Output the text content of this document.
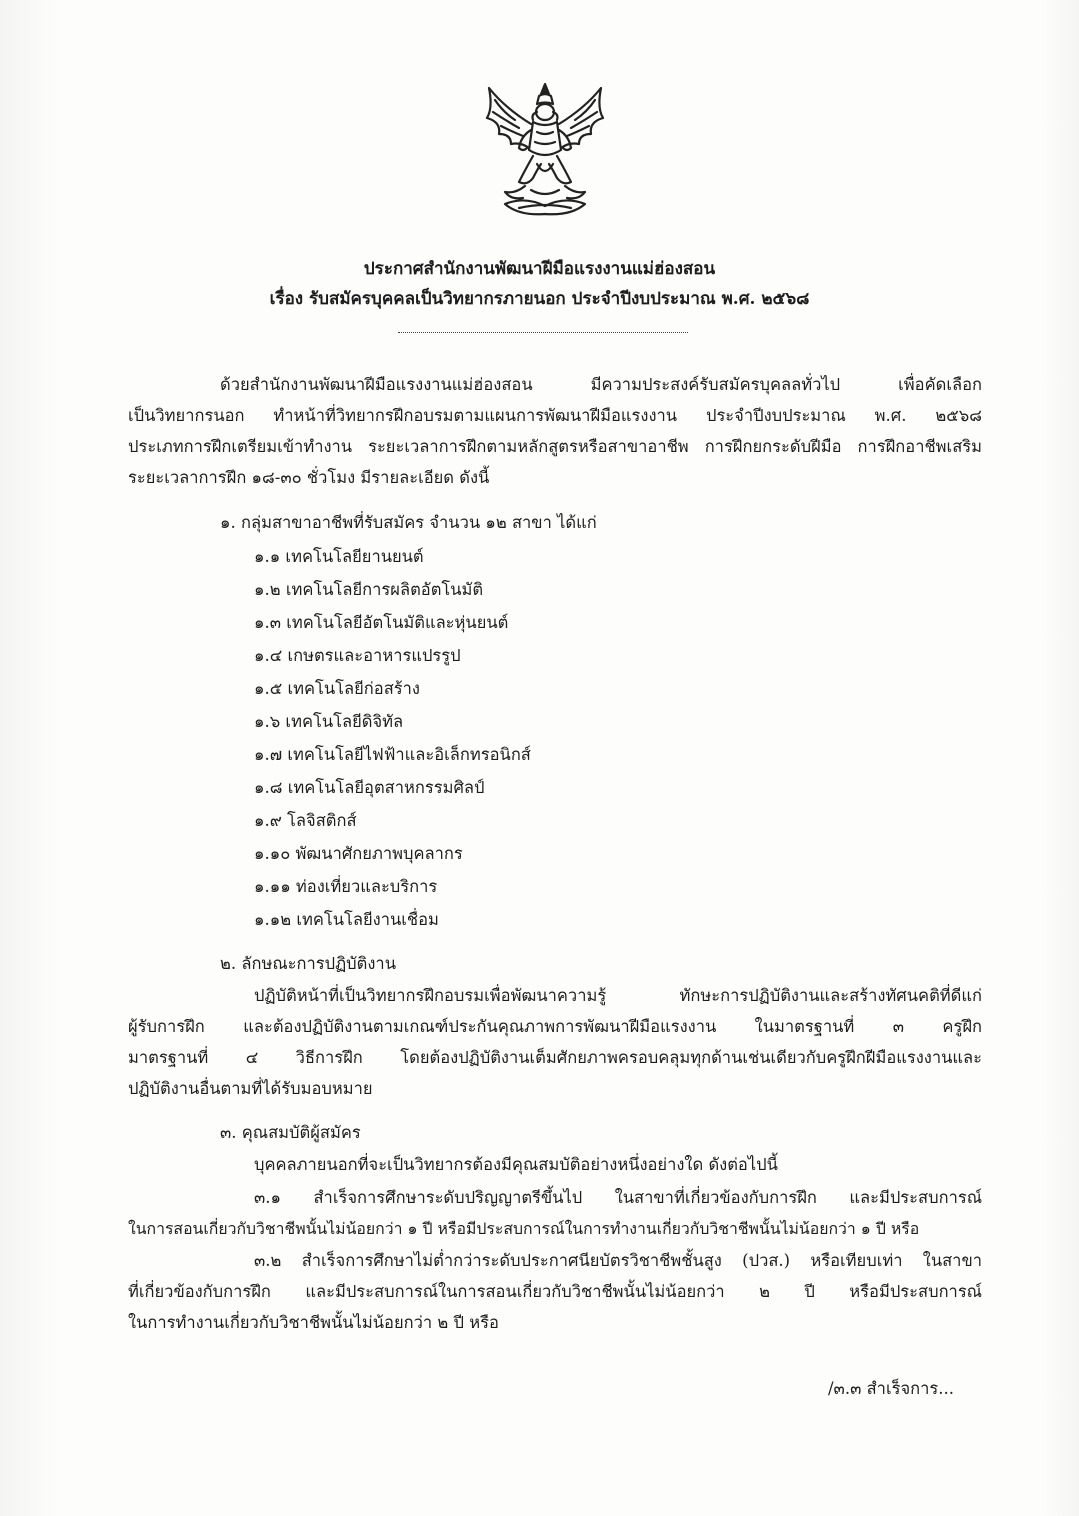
ประกาศสำนักงานพัฒนาฝีมือแรงงานแม่ฮ่องสอน
เรื่อง รับสมัครบุคคลเป็นวิทยากรภายนอก ประจำปีงบประมาณ พ.ศ. ๒๕๖๘
ด้วยสำนักงานพัฒนาฝีมือแรงงานแม่ฮ่องสอน มีความประสงค์รับสมัครบุคลลทั่วไป เพื่อคัดเลือก
เป็นวิทยากรนอก ทำหน้าที่วิทยากรฝึกอบรมตามแผนการพัฒนาฝีมือแรงงาน ประจำปีงบประมาณ พ.ศ. ๒๕๖๘
ประเภทการฝึกเตรียมเข้าทำงาน ระยะเวลาการฝึกตามหลักสูตรหรือสาขาอาชีพ การฝึกยกระดับฝีมือ การฝึกอาชีพเสริม
ระยะเวลาการฝึก ๑๘-๓๐ ชั่วโมง มีรายละเอียด ดังนี้
๑. กลุ่มสาขาอาชีพที่รับสมัคร จำนวน ๑๒ สาขา ได้แก่
๑.๑ เทคโนโลยียานยนต์
๑.๒ เทคโนโลยีการผลิตอัตโนมัติ
๑.๓ เทคโนโลยีอัตโนมัติและหุ่นยนต์
๑.๔ เกษตรและอาหารแปรรูป
๑.๕ เทคโนโลยีก่อสร้าง
๑.๖ เทคโนโลยีดิจิทัล
๑.๗ เทคโนโลยีไฟฟ้าและอิเล็กทรอนิกส์
๑.๘ เทคโนโลยีอุตสาหกรรมศิลป์
๑.๙ โลจิสติกส์
๑.๑๐ พัฒนาศักยภาพบุคลากร
๑.๑๑ ท่องเที่ยวและบริการ
๑.๑๒ เทคโนโลยีงานเชื่อม
๒. ลักษณะการปฏิบัติงาน
ปฏิบัติหน้าที่เป็นวิทยากรฝึกอบรมเพื่อพัฒนาความรู้ ทักษะการปฏิบัติงานและสร้างทัศนคติที่ดีแก่
ผู้รับการฝึก และต้องปฏิบัติงานตามเกณฑ์ประกันคุณภาพการพัฒนาฝีมือแรงงาน ในมาตรฐานที่ ๓ ครูฝึก
มาตรฐานที่ ๔ วิธีการฝึก โดยต้องปฏิบัติงานเต็มศักยภาพครอบคลุมทุกด้านเช่นเดียวกับครูฝึกฝีมือแรงงานและ
ปฏิบัติงานอื่นตามที่ได้รับมอบหมาย
๓. คุณสมบัติผู้สมัคร
บุคคลภายนอกที่จะเป็นวิทยากรต้องมีคุณสมบัติอย่างหนึ่งอย่างใด ดังต่อไปนี้
๓.๑ สำเร็จการศึกษาระดับปริญญาตรีขึ้นไป ในสาขาที่เกี่ยวข้องกับการฝึก และมีประสบการณ์
ในการสอนเกี่ยวกับวิชาชีพนั้นไม่น้อยกว่า ๑ ปี หรือมีประสบการณ์ในการทำงานเกี่ยวกับวิชาชีพนั้นไม่น้อยกว่า ๑ ปี หรือ
๓.๒ สำเร็จการศึกษาไม่ต่ำกว่าระดับประกาศนียบัตรวิชาชีพชั้นสูง (ปวส.) หรือเทียบเท่า ในสาขา
ที่เกี่ยวข้องกับการฝึก และมีประสบการณ์ในการสอนเกี่ยวกับวิชาชีพนั้นไม่น้อยกว่า ๒ ปี หรือมีประสบการณ์
ในการทำงานเกี่ยวกับวิชาชีพนั้นไม่น้อยกว่า ๒ ปี หรือ
/๓.๓ สำเร็จการ...
